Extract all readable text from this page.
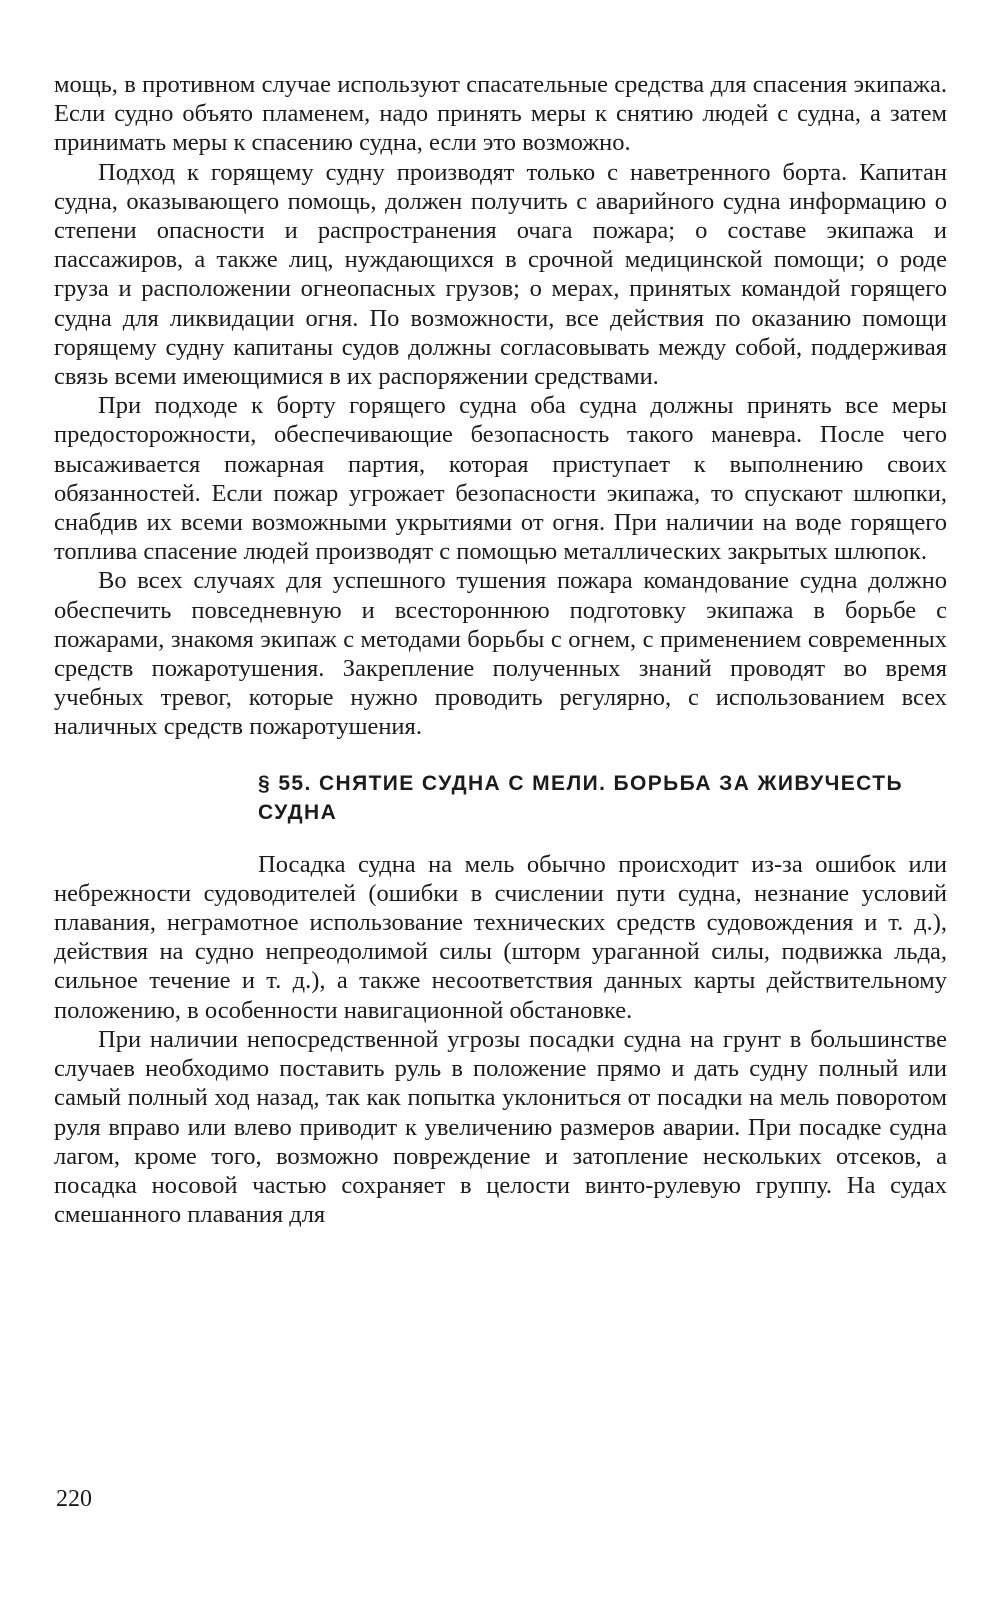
мощь, в противном случае используют спасательные средства для спасения экипажа. Если судно объято пламенем, надо принять меры к снятию людей с судна, а затем принимать меры к спасению судна, если это возможно.

Подход к горящему судну производят только с наветренного борта. Капитан судна, оказывающего помощь, должен получить с аварийного судна информацию о степени опасности и распространения очага пожара; о составе экипажа и пассажиров, а также лиц, нуждающихся в срочной медицинской помощи; о роде груза и расположении огнеопасных грузов; о мерах, принятых командой горящего судна для ликвидации огня. По возможности, все действия по оказанию помощи горящему судну капитаны судов должны согласовывать между собой, поддерживая связь всеми имеющимися в их распоряжении средствами.

При подходе к борту горящего судна оба судна должны принять все меры предосторожности, обеспечивающие безопасность такого маневра. После чего высаживается пожарная партия, которая приступает к выполнению своих обязанностей. Если пожар угрожает безопасности экипажа, то спускают шлюпки, снабдив их всеми возможными укрытиями от огня. При наличии на воде горящего топлива спасение людей производят с помощью металлических закрытых шлюпок.

Во всех случаях для успешного тушения пожара командование судна должно обеспечить повседневную и всестороннюю подготовку экипажа в борьбе с пожарами, знакомя экипаж с методами борьбы с огнем, с применением современных средств пожаротушения. Закрепление полученных знаний проводят во время учебных тревог, которые нужно проводить регулярно, с использованием всех наличных средств пожаротушения.

§ 55. СНЯТИЕ СУДНА С МЕЛИ. БОРЬБА ЗА ЖИВУЧЕСТЬ СУДНА

Посадка судна на мель обычно происходит из-за ошибок или небрежности судоводителей (ошибки в счислении пути судна, незнание условий плавания, неграмотное использование технических средств судовождения и т. д.), действия на судно непреодолимой силы (шторм ураганной силы, подвижка льда, сильное течение и т. д.), а также несоответствия данных карты действительному положению, в особенности навигационной обстановке.

При наличии непосредственной угрозы посадки судна на грунт в большинстве случаев необходимо поставить руль в положение прямо и дать судну полный или самый полный ход назад, так как попытка уклониться от посадки на мель поворотом руля вправо или влево приводит к увеличению размеров аварии. При посадке судна лагом, кроме того, возможно повреждение и затопление нескольких отсеков, а посадка носовой частью сохраняет в целости винто-рулевую группу. На судах смешанного плавания для

220
